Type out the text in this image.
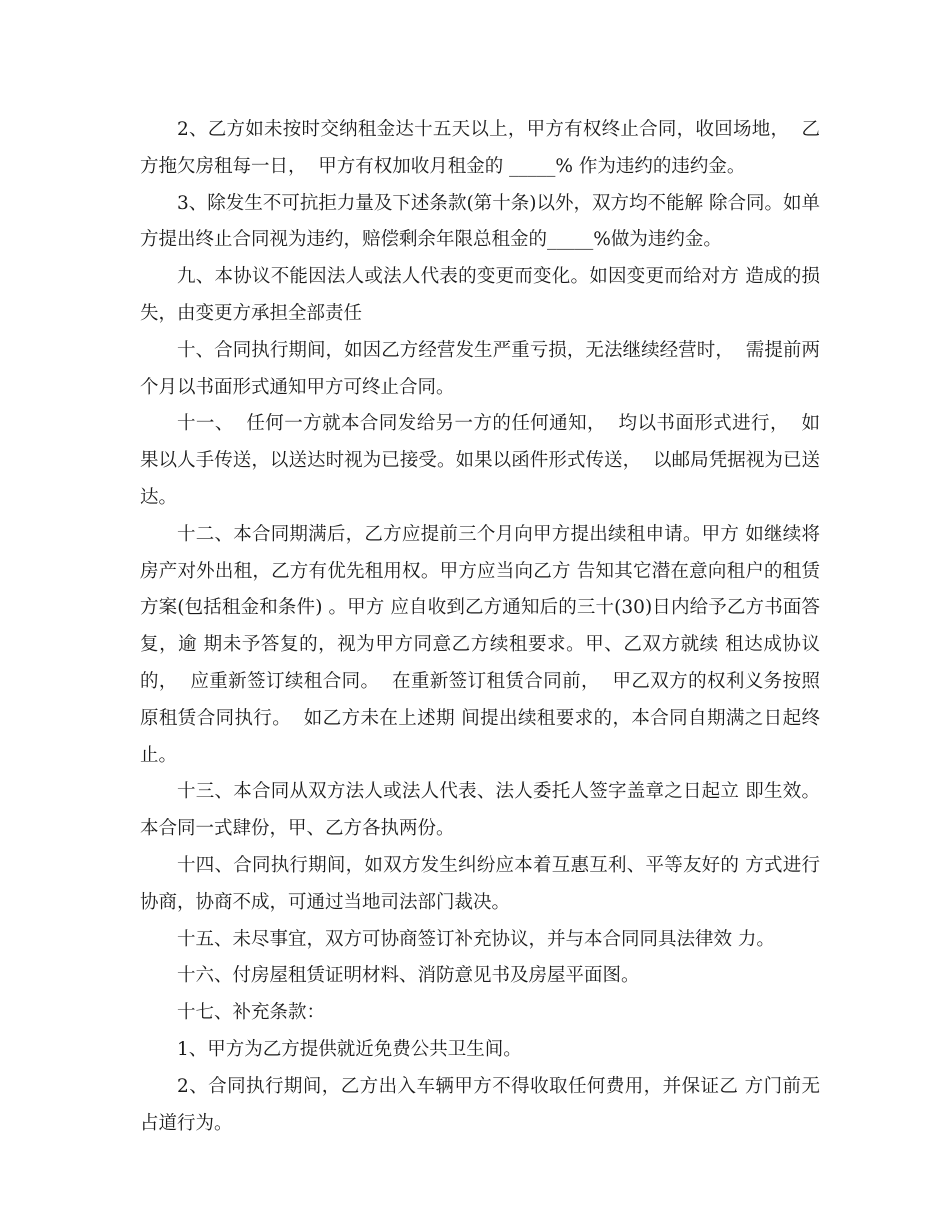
2、乙方如未按时交纳租金达十五天以上，甲方有权终止合同，收回场地，  乙方拖欠房租每一日，  甲方有权加收月租金的 _____% 作为违约的违约金。

3、除发生不可抗拒力量及下述条款(第十条)以外，双方均不能解 除合同。如单方提出终止合同视为违约，赔偿剩余年限总租金的_____%做为违约金。

九、本协议不能因法人或法人代表的变更而变化。如因变更而给对方 造成的损失，由变更方承担全部责任

十、合同执行期间，如因乙方经营发生严重亏损，无法继续经营时，  需提前两个月以书面形式通知甲方可终止合同。

十一、  任何一方就本合同发给另一方的任何通知，  均以书面形式进行，  如果以人手传送，以送达时视为已接受。如果以函件形式传送，  以邮局凭据视为已送达。

十二、本合同期满后，乙方应提前三个月向甲方提出续租申请。甲方 如继续将房产对外出租，乙方有优先租用权。甲方应当向乙方 告知其它潜在意向租户的租赁方案(包括租金和条件) 。甲方 应自收到乙方通知后的三十(30)日内给予乙方书面答复，逾 期未予答复的，视为甲方同意乙方续租要求。甲、乙双方就续 租达成协议的，  应重新签订续租合同。  在重新签订租赁合同前，  甲乙双方的权利义务按照原租赁合同执行。  如乙方未在上述期 间提出续租要求的，本合同自期满之日起终止。

十三、本合同从双方法人或法人代表、法人委托人签字盖章之日起立 即生效。本合同一式肆份，甲、乙方各执两份。

十四、合同执行期间，如双方发生纠纷应本着互惠互利、平等友好的 方式进行协商，协商不成，可通过当地司法部门裁决。

十五、未尽事宜，双方可协商签订补充协议，并与本合同同具法律效 力。

十六、付房屋租赁证明材料、消防意见书及房屋平面图。

十七、补充条款：

1、甲方为乙方提供就近免费公共卫生间。

2、合同执行期间，乙方出入车辆甲方不得收取任何费用，并保证乙 方门前无占道行为。
